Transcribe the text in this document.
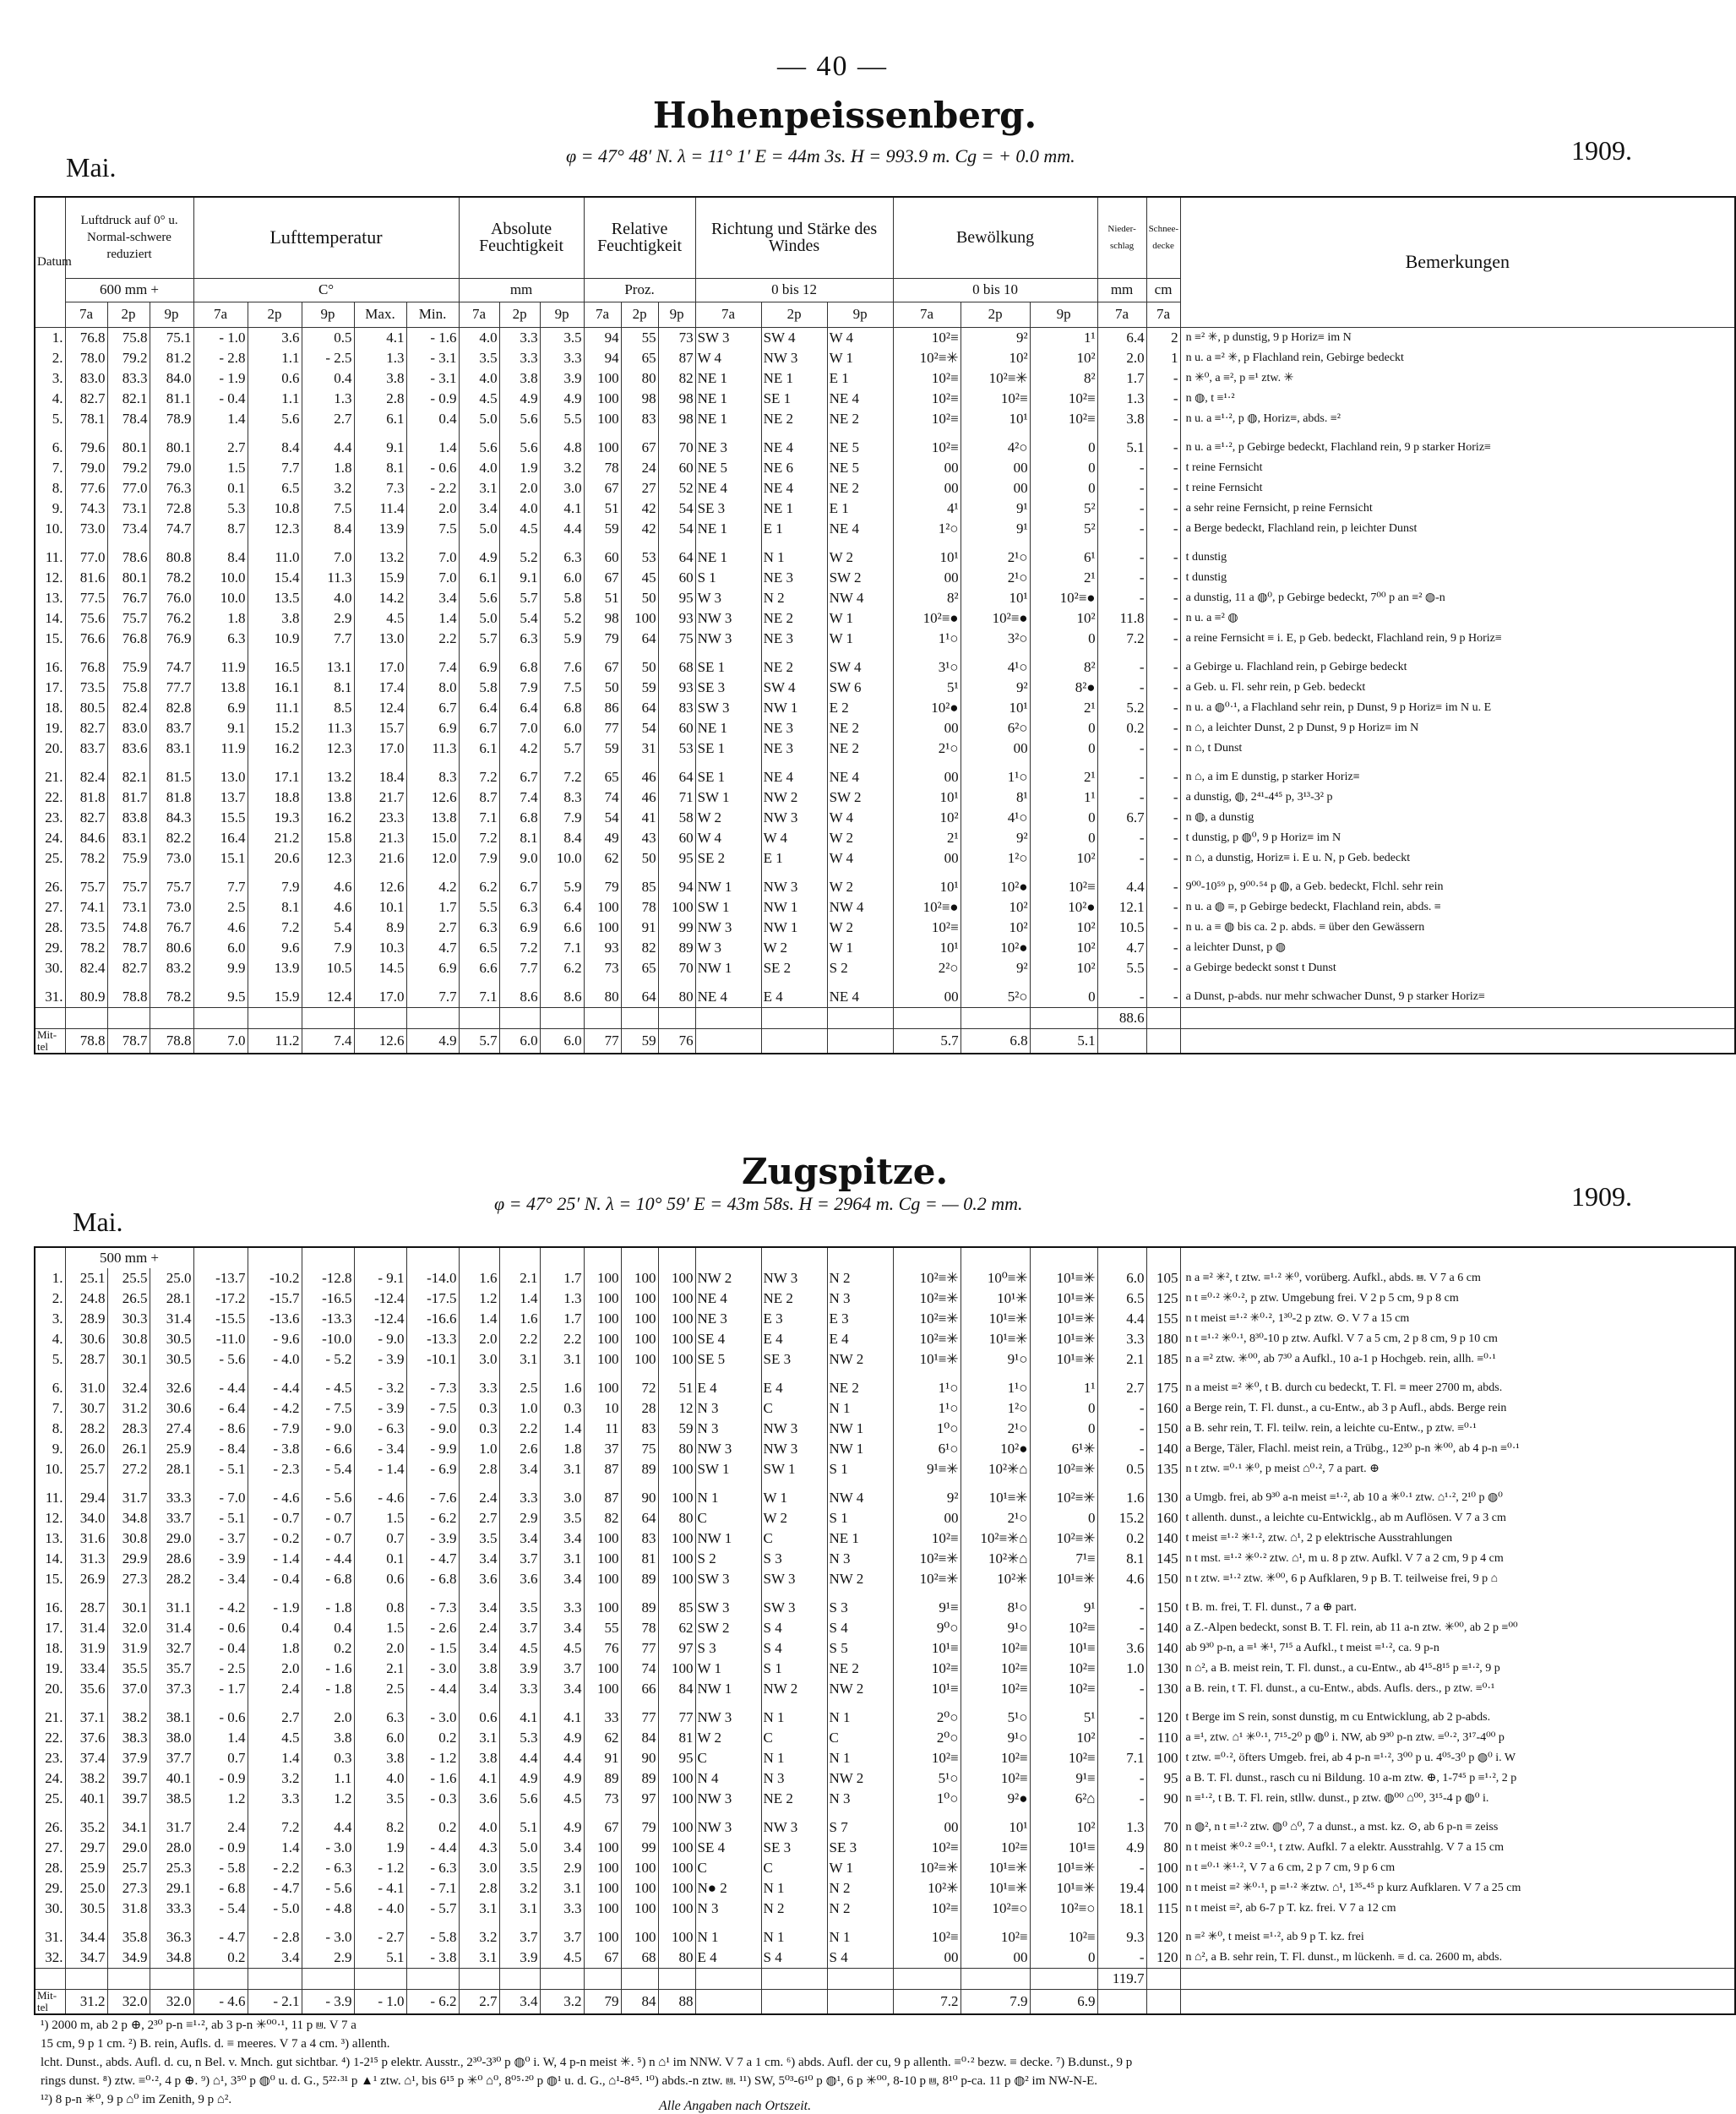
— 40 —
Hohenpeissenberg.
Mai.	φ = 47° 48′ N. λ = 11° 1′ E = 44m 3s. H = 993.9 m. Cg = + 0.0 mm.	1909.
Datum	Luftdruck auf 0° u. Normal-schwere reduziert			Lufttemperatur					Absolute Feuchtigkeit			Relative Feuchtigkeit			Richtung und Stärke des Windes			Bewölkung			Nieder-schlag	Schnee-decke	Bemerkungen
	600 mm +			C°					mm			Proz.			0 bis 12			0 bis 10			mm	cm	
	7a	2p	9p	7a	2p	9p	Max.	Min.	7a	2p	9p	7a	2p	9p	7a	2p	9p	7a	2p	9p	7a	7a	
1.	76.8	75.8	75.1	- 1.0	3.6	0.5	4.1	- 1.6	4.0	3.3	3.5	94	55	73	SW 3	SW 4	W 4	10²≡	9²	1¹	6.4	2	n ≡² ✳, p dunstig, 9 p Horiz≡ im N
2.	78.0	79.2	81.2	- 2.8	1.1	- 2.5	1.3	- 3.1	3.5	3.3	3.3	94	65	87	W 4	NW 3	W 1	10²≡✳	10²	10²	2.0	1	n u. a ≡² ✳, p Flachland rein, Gebirge bedeckt
3.	83.0	83.3	84.0	- 1.9	0.6	0.4	3.8	- 3.1	4.0	3.8	3.9	100	80	82	NE 1	NE 1	E 1	10²≡	10²≡✳	8²	1.7	-	n ✳⁰, a ≡², p ≡¹ ztw. ✳
4.	82.7	82.1	81.1	- 0.4	1.1	1.3	2.8	- 0.9	4.5	4.9	4.9	100	98	98	NE 1	SE 1	NE 4	10²≡	10²≡	10²≡	1.3	-	n ◍, t ≡¹·²
5.	78.1	78.4	78.9	1.4	5.6	2.7	6.1	0.4	5.0	5.6	5.5	100	83	98	NE 1	NE 2	NE 2	10²≡	10¹	10²≡	3.8	-	n u. a ≡¹·², p ◍, Horiz≡, abds. ≡²

6.	79.6	80.1	80.1	2.7	8.4	4.4	9.1	1.4	5.6	5.6	4.8	100	67	70	NE 3	NE 4	NE 5	10²≡	4²○	0	5.1	-	n u. a ≡¹·², p Gebirge bedeckt, Flachland rein, 9 p starker Horiz≡
7.	79.0	79.2	79.0	1.5	7.7	1.8	8.1	- 0.6	4.0	1.9	3.2	78	24	60	NE 5	NE 6	NE 5	00	00	0	-	-	t reine Fernsicht
8.	77.6	77.0	76.3	0.1	6.5	3.2	7.3	- 2.2	3.1	2.0	3.0	67	27	52	NE 4	NE 4	NE 2	00	00	0	-	-	t reine Fernsicht
9.	74.3	73.1	72.8	5.3	10.8	7.5	11.4	2.0	3.4	4.0	4.1	51	42	54	SE 3	NE 1	E 1	4¹	9¹	5²	-	-	a sehr reine Fernsicht, p reine Fernsicht
10.	73.0	73.4	74.7	8.7	12.3	8.4	13.9	7.5	5.0	4.5	4.4	59	42	54	NE 1	E 1	NE 4	1²○	9¹	5²	-	-	a Berge bedeckt, Flachland rein, p leichter Dunst

11.	77.0	78.6	80.8	8.4	11.0	7.0	13.2	7.0	4.9	5.2	6.3	60	53	64	NE 1	N 1	W 2	10¹	2¹○	6¹	-	-	t dunstig
12.	81.6	80.1	78.2	10.0	15.4	11.3	15.9	7.0	6.1	9.1	6.0	67	45	60	S 1	NE 3	SW 2	00	2¹○	2¹	-	-	t dunstig
13.	77.5	76.7	76.0	10.0	13.5	4.0	14.2	3.4	5.6	5.7	5.8	51	50	95	W 3	N 2	NW 4	8²	10¹	10²≡●	-	-	a dunstig, 11 a ◍⁰, p Gebirge bedeckt, 7⁰⁰ p an ≡² ◍-n
14.	75.6	75.7	76.2	1.8	3.8	2.9	4.5	1.4	5.0	5.4	5.2	98	100	93	NW 3	NE 2	W 1	10²≡●	10²≡●	10²	11.8	-	n u. a ≡² ◍
15.	76.6	76.8	76.9	6.3	10.9	7.7	13.0	2.2	5.7	6.3	5.9	79	64	75	NW 3	NE 3	W 1	1¹○	3²○	0	7.2	-	a reine Fernsicht ≡ i. E, p Geb. bedeckt, Flachland rein, 9 p Horiz≡

16.	76.8	75.9	74.7	11.9	16.5	13.1	17.0	7.4	6.9	6.8	7.6	67	50	68	SE 1	NE 2	SW 4	3¹○	4¹○	8²	-	-	a Gebirge u. Flachland rein, p Gebirge bedeckt
17.	73.5	75.8	77.7	13.8	16.1	8.1	17.4	8.0	5.8	7.9	7.5	50	59	93	SE 3	SW 4	SW 6	5¹	9²	8²●	-	-	a Geb. u. Fl. sehr rein, p Geb. bedeckt
18.	80.5	82.4	82.8	6.9	11.1	8.5	12.4	6.7	6.4	6.4	6.8	86	64	83	SW 3	NW 1	E 2	10²●	10¹	2¹	5.2	-	n u. a ◍⁰·¹, a Flachland sehr rein, p Dunst, 9 p Horiz≡ im N u. E
19.	82.7	83.0	83.7	9.1	15.2	11.3	15.7	6.9	6.7	7.0	6.0	77	54	60	NE 1	NE 3	NE 2	00	6²○	0	0.2	-	n ⌂, a leichter Dunst, 2 p Dunst, 9 p Horiz≡ im N
20.	83.7	83.6	83.1	11.9	16.2	12.3	17.0	11.3	6.1	4.2	5.7	59	31	53	SE 1	NE 3	NE 2	2¹○	00	0	-	-	n ⌂, t Dunst

21.	82.4	82.1	81.5	13.0	17.1	13.2	18.4	8.3	7.2	6.7	7.2	65	46	64	SE 1	NE 4	NE 4	00	1¹○	2¹	-	-	n ⌂, a im E dunstig, p starker Horiz≡
22.	81.8	81.7	81.8	13.7	18.8	13.8	21.7	12.6	8.7	7.4	8.3	74	46	71	SW 1	NW 2	SW 2	10¹	8¹	1¹	-	-	a dunstig, ◍, 2⁴¹-4⁴⁵ p, 3¹³-3² p
23.	82.7	83.8	84.3	15.5	19.3	16.2	23.3	13.8	7.1	6.8	7.9	54	41	58	W 2	NW 3	W 4	10²	4¹○	0	6.7	-	n ◍, a dunstig
24.	84.6	83.1	82.2	16.4	21.2	15.8	21.3	15.0	7.2	8.1	8.4	49	43	60	W 4	W 4	W 2	2¹	9²	0	-	-	t dunstig, p ◍⁰, 9 p Horiz≡ im N
25.	78.2	75.9	73.0	15.1	20.6	12.3	21.6	12.0	7.9	9.0	10.0	62	50	95	SE 2	E 1	W 4	00	1²○	10²	-	-	n ⌂, a dunstig, Horiz≡ i. E u. N, p Geb. bedeckt

26.	75.7	75.7	75.7	7.7	7.9	4.6	12.6	4.2	6.2	6.7	5.9	79	85	94	NW 1	NW 3	W 2	10¹	10²●	10²≡	4.4	-	9⁰⁰-10⁵⁹ p, 9⁰⁰·⁵⁴ p ◍, a Geb. bedeckt, Flchl. sehr rein
27.	74.1	73.1	73.0	2.5	8.1	4.6	10.1	1.7	5.5	6.3	6.4	100	78	100	SW 1	NW 1	NW 4	10²≡●	10²	10²●	12.1	-	n u. a ◍ ≡, p Gebirge bedeckt, Flachland rein, abds. ≡
28.	73.5	74.8	76.7	4.6	7.2	5.4	8.9	2.7	6.3	6.9	6.6	100	91	99	NW 3	NW 1	W 2	10²≡	10²	10²	10.5	-	n u. a ≡ ◍ bis ca. 2 p. abds. ≡ über den Gewässern
29.	78.2	78.7	80.6	6.0	9.6	7.9	10.3	4.7	6.5	7.2	7.1	93	82	89	W 3	W 2	W 1	10¹	10²●	10²	4.7	-	a leichter Dunst, p ◍
30.	82.4	82.7	83.2	9.9	13.9	10.5	14.5	6.9	6.6	7.7	6.2	73	65	70	NW 1	SE 2	S 2	2²○	9²	10²	5.5	-	a Gebirge bedeckt sonst t Dunst

31.	80.9	78.8	78.2	9.5	15.9	12.4	17.0	7.7	7.1	8.6	8.6	80	64	80	NE 4	E 4	NE 4	00	5²○	0	-	-	a Dunst, p-abds. nur mehr schwacher Dunst, 9 p starker Horiz≡
																					88.6		
Mit-tel	78.8	78.7	78.8	7.0	11.2	7.4	12.6	4.9	5.7	6.0	6.0	77	59	76				5.7	6.8	5.1			
Zugspitze.
Mai.
φ = 47° 25′ N. λ = 10° 59′ E = 43m 58s. H = 2964 m. Cg = — 0.2 mm.	1909.
	500 mm +																						
1.	25.1	25.5	25.0	-13.7	-10.2	-12.8	- 9.1	-14.0	1.6	2.1	1.7	100	100	100	NW 2	NW 3	N 2	10²≡✳	10⁰≡✳	10¹≡✳	6.0	105	n a ≡² ✳², t ztw. ≡¹·² ✳⁰, vorüberg. Aufkl., abds. ⩏. V 7 a 6 cm
2.	24.8	26.5	28.1	-17.2	-15.7	-16.5	-12.4	-17.5	1.2	1.4	1.3	100	100	100	NE 4	NE 2	N 3	10²≡✳	10¹✳	10¹≡✳	6.5	125	n t ≡⁰·² ✳⁰·², p ztw. Umgebung frei. V 2 p 5 cm, 9 p 8 cm
3.	28.9	30.3	31.4	-15.5	-13.6	-13.3	-12.4	-16.6	1.4	1.6	1.7	100	100	100	NE 3	E 3	E 3	10²≡✳	10¹≡✳	10¹≡✳	4.4	155	n t meist ≡¹·² ✳⁰·², 1³⁰-2 p ztw. ⊙. V 7 a 15 cm
4.	30.6	30.8	30.5	-11.0	- 9.6	-10.0	- 9.0	-13.3	2.0	2.2	2.2	100	100	100	SE 4	E 4	E 4	10²≡✳	10¹≡✳	10¹≡✳	3.3	180	n t ≡¹·² ✳⁰·¹, 8³⁰-10 p ztw. Aufkl. V 7 a 5 cm, 2 p 8 cm, 9 p 10 cm
5.	28.7	30.1	30.5	- 5.6	- 4.0	- 5.2	- 3.9	-10.1	3.0	3.1	3.1	100	100	100	SE 5	SE 3	NW 2	10¹≡✳	9¹○	10¹≡✳	2.1	185	n a ≡² ztw. ✳⁰⁰, ab 7³⁰ a Aufkl., 10 a-1 p Hochgeb. rein, allh. ≡⁰·¹

6.	31.0	32.4	32.6	- 4.4	- 4.4	- 4.5	- 3.2	- 7.3	3.3	2.5	1.6	100	72	51	E 4	E 4	NE 2	1¹○	1¹○	1¹	2.7	175	n a meist ≡² ✳⁰, t B. durch cu bedeckt, T. Fl. ≡ meer 2700 m, abds.
7.	30.7	31.2	30.6	- 6.4	- 4.2	- 7.5	- 3.9	- 7.5	0.3	1.0	0.3	10	28	12	N 3	C	N 1	1¹○	1²○	0	-	160	a Berge rein, T. Fl. dunst., a cu-Entw., ab 3 p Aufl., abds. Berge rein
8.	28.2	28.3	27.4	- 8.6	- 7.9	- 9.0	- 6.3	- 9.0	0.3	2.2	1.4	11	83	59	N 3	NW 3	NW 1	1⁰○	2¹○	0	-	150	a B. sehr rein, T. Fl. teilw. rein, a leichte cu-Entw., p ztw. ≡⁰·¹
9.	26.0	26.1	25.9	- 8.4	- 3.8	- 6.6	- 3.4	- 9.9	1.0	2.6	1.8	37	75	80	NW 3	NW 3	NW 1	6¹○	10²●	6¹✳	-	140	a Berge, Täler, Flachl. meist rein, a Trübg., 12³⁰ p-n ✳⁰⁰, ab 4 p-n ≡⁰·¹
10.	25.7	27.2	28.1	- 5.1	- 2.3	- 5.4	- 1.4	- 6.9	2.8	3.4	3.1	87	89	100	SW 1	SW 1	S 1	9¹≡✳	10²✳⌂	10²≡✳	0.5	135	n t ztw. ≡⁰·¹ ✳⁰, p meist ⌂⁰·², 7 a part. ⊕

11.	29.4	31.7	33.3	- 7.0	- 4.6	- 5.6	- 4.6	- 7.6	2.4	3.3	3.0	87	90	100	N 1	W 1	NW 4	9²	10¹≡✳	10²≡✳	1.6	130	a Umgb. frei, ab 9³⁰ a-n meist ≡¹·², ab 10 a ✳⁰·¹ ztw. ⌂¹·², 2¹⁰ p ◍⁰
12.	34.0	34.8	33.7	- 5.1	- 0.7	- 0.7	1.5	- 6.2	2.7	2.9	3.5	82	64	80	C	W 2	S 1	00	2¹○	0	15.2	160	t allenth. dunst., a leichte cu-Entwicklg., ab m Auflösen. V 7 a 3 cm
13.	31.6	30.8	29.0	- 3.7	- 0.2	- 0.7	0.7	- 3.9	3.5	3.4	3.4	100	83	100	NW 1	C	NE 1	10²≡	10²≡✳⌂	10²≡✳	0.2	140	t meist ≡¹·² ✳¹·², ztw. ⌂¹, 2 p elektrische Ausstrahlungen
14.	31.3	29.9	28.6	- 3.9	- 1.4	- 4.4	0.1	- 4.7	3.4	3.7	3.1	100	81	100	S 2	S 3	N 3	10²≡✳	10²✳⌂	7¹≡	8.1	145	n t mst. ≡¹·² ✳⁰·² ztw. ⌂¹, m u. 8 p ztw. Aufkl. V 7 a 2 cm, 9 p 4 cm
15.	26.9	27.3	28.2	- 3.4	- 0.4	- 6.8	0.6	- 6.8	3.6	3.6	3.4	100	89	100	SW 3	SW 3	NW 2	10²≡✳	10²✳	10¹≡✳	4.6	150	n t ztw. ≡¹·² ztw. ✳⁰⁰, 6 p Aufklaren, 9 p B. T. teilweise frei, 9 p ⌂

16.	28.7	30.1	31.1	- 4.2	- 1.9	- 1.8	0.8	- 7.3	3.4	3.5	3.3	100	89	85	SW 3	SW 3	S 3	9¹≡	8¹○	9¹	-	150	t B. m. frei, T. Fl. dunst., 7 a ⊕ part.
17.	31.4	32.0	31.4	- 0.6	0.4	0.4	1.5	- 2.6	2.4	3.7	3.4	55	78	62	SW 2	S 4	S 4	9⁰○	9¹○	10²≡	-	140	a Z.-Alpen bedeckt, sonst B. T. Fl. rein, ab 11 a-n ztw. ✳⁰⁰, ab 2 p ≡⁰⁰
18.	31.9	31.9	32.7	- 0.4	1.8	0.2	2.0	- 1.5	3.4	4.5	4.5	76	77	97	S 3	S 4	S 5	10¹≡	10²≡	10¹≡	3.6	140	ab 9³⁰ p-n, a ≡¹ ✳¹, 7¹⁵ a Aufkl., t meist ≡¹·², ca. 9 p-n
19.	33.4	35.5	35.7	- 2.5	2.0	- 1.6	2.1	- 3.0	3.8	3.9	3.7	100	74	100	W 1	S 1	NE 2	10²≡	10²≡	10²≡	1.0	130	n ⌂², a B. meist rein, T. Fl. dunst., a cu-Entw., ab 4¹⁵-8¹⁵ p ≡¹·², 9 p
20.	35.6	37.0	37.3	- 1.7	2.4	- 1.8	2.5	- 4.4	3.4	3.3	3.4	100	66	84	NW 1	NW 2	NW 2	10¹≡	10²≡	10²≡	-	130	a B. rein, t T. Fl. dunst., a cu-Entw., abds. Aufls. ders., p ztw. ≡⁰·¹

21.	37.1	38.2	38.1	- 0.6	2.7	2.0	6.3	- 3.0	0.6	4.1	4.1	33	77	77	NW 3	N 1	N 1	2⁰○	5¹○	5¹	-	120	t Berge im S rein, sonst dunstig, m cu Entwicklung, ab 2 p-abds.
22.	37.6	38.3	38.0	1.4	4.5	3.8	6.0	0.2	3.1	5.3	4.9	62	84	81	W 2	C	C	2⁰○	9¹○	10²	-	110	a ≡¹, ztw. ⌂¹ ✳⁰·¹, 7¹⁵-2⁰ p ◍⁰ i. NW, ab 9³⁰ p-n ztw. ≡⁰·², 3¹⁷-4⁰⁰ p
23.	37.4	37.9	37.7	0.7	1.4	0.3	3.8	- 1.2	3.8	4.4	4.4	91	90	95	C	N 1	N 1	10²≡	10²≡	10²≡	7.1	100	t ztw. ≡⁰·², öfters Umgeb. frei, ab 4 p-n ≡¹·², 3⁰⁰ p u. 4⁰⁵-3⁰ p ◍⁰ i. W
24.	38.2	39.7	40.1	- 0.9	3.2	1.1	4.0	- 1.6	4.1	4.9	4.9	89	89	100	N 4	N 3	NW 2	5¹○	10²≡	9¹≡	-	95	a B. T. Fl. dunst., rasch cu ni Bildung. 10 a-m ztw. ⊕, 1-7⁴⁵ p ≡¹·², 2 p
25.	40.1	39.7	38.5	1.2	3.3	1.2	3.5	- 0.3	3.6	5.6	4.5	73	97	100	NW 3	NE 2	N 3	1⁰○	9²●	6²⌂	-	90	n ≡¹·², t B. T. Fl. rein, stllw. dunst., p ztw. ◍⁰⁰ ⌂⁰⁰, 3¹⁵-4 p ◍⁰ i.

26.	35.2	34.1	31.7	2.4	7.2	4.4	8.2	0.2	4.0	5.1	4.9	67	79	100	NW 3	NW 3	S 7	00	10¹	10²	1.3	70	n ◍², n t ≡¹·² ztw. ◍⁰ ⌂⁰, 7 a dunst., a mst. kz. ⊙, ab 6 p-n ≡ zeiss
27.	29.7	29.0	28.0	- 0.9	1.4	- 3.0	1.9	- 4.4	4.3	5.0	3.4	100	99	100	SE 4	SE 3	SE 3	10²≡	10²≡	10¹≡	4.9	80	n t meist ✳⁰·² ≡⁰·¹, t ztw. Aufkl. 7 a elektr. Ausstrahlg. V 7 a 15 cm
28.	25.9	25.7	25.3	- 5.8	- 2.2	- 6.3	- 1.2	- 6.3	3.0	3.5	2.9	100	100	100	C	C	W 1	10²≡✳	10¹≡✳	10¹≡✳	-	100	n t ≡⁰·¹ ✳¹·², V 7 a 6 cm, 2 p 7 cm, 9 p 6 cm
29.	25.0	27.3	29.1	- 6.8	- 4.7	- 5.6	- 4.1	- 7.1	2.8	3.2	3.1	100	100	100	N● 2	N 1	N 2	10²✳	10¹≡✳	10¹≡✳	19.4	100	n t meist ≡² ✳⁰·¹, p ≡¹·² ✳ztw. ⌂¹, 1³⁵-⁴⁵ p kurz Aufklaren. V 7 a 25 cm
30.	30.5	31.8	33.3	- 5.4	- 5.0	- 4.8	- 4.0	- 5.7	3.1	3.1	3.3	100	100	100	N 3	N 2	N 2	10²≡	10²≡○	10²≡○	18.1	115	n t meist ≡², ab 6-7 p T. kz. frei. V 7 a 12 cm

31.	34.4	35.8	36.3	- 4.7	- 2.8	- 3.0	- 2.7	- 5.8	3.2	3.7	3.7	100	100	100	N 1	N 1	N 1	10²≡	10²≡	10²≡	9.3	120	n ≡² ✳⁰, t meist ≡¹·², ab 9 p T. kz. frei
32.	34.7	34.9	34.8	0.2	3.4	2.9	5.1	- 3.8	3.1	3.9	4.5	67	68	80	E 4	S 4	S 4	00	00	0	-	120	n ⌂², a B. sehr rein, T. Fl. dunst., m lückenh. ≡ d. ca. 2600 m, abds.
																					119.7		
Mit-tel	31.2	32.0	32.0	- 4.6	- 2.1	- 3.9	- 1.0	- 6.2	2.7	3.4	3.2	79	84	88				7.2	7.9	6.9			
¹) 2000 m, ab 2 p ⊕, 2³⁰ p-n ≡¹·², ab 3 p-n ✳⁰⁰·¹, 11 p ⩏. V 7 a
15 cm, 9 p 1 cm. ²) B. rein, Aufls. d. ≡ meeres. V 7 a 4 cm. ³) allenth.
lcht. Dunst., abds. Aufl. d. cu, n Bel. v. Mnch. gut sichtbar. ⁴) 1-2¹⁵ p elektr. Ausstr., 2³⁰-3³⁰ p ◍⁰ i. W, 4 p-n meist ✳. ⁵) n ⌂¹ im NNW. V 7 a 1 cm. ⁶) abds. Aufl. der cu, 9 p allenth. ≡⁰·² bezw. ≡ decke. ⁷) B.dunst., 9 p
rings dunst. ⁸) ztw. ≡⁰·², 4 p ⊕. ⁹) ⌂¹, 3⁵⁰ p ◍⁰ u. d. G., 5²²·³¹ p ▲¹ ztw. ⌂¹, bis 6¹⁵ p ✳⁰ ⌂⁰, 8⁰⁵·²⁰ p ◍¹ u. d. G., ⌂¹-8⁴⁵. ¹⁰) abds.-n ztw. ⩏. ¹¹) SW, 5⁰³-6¹⁰ p ◍¹, 6 p ✳⁰⁰, 8-10 p ⩏, 8¹⁰ p-ca. 11 p ◍² im NW-N-E.
¹²) 8 p-n ✳⁰, 9 p ⌂⁰ im Zenith, 9 p ⌂².	Alle Angaben nach Ortszeit.
